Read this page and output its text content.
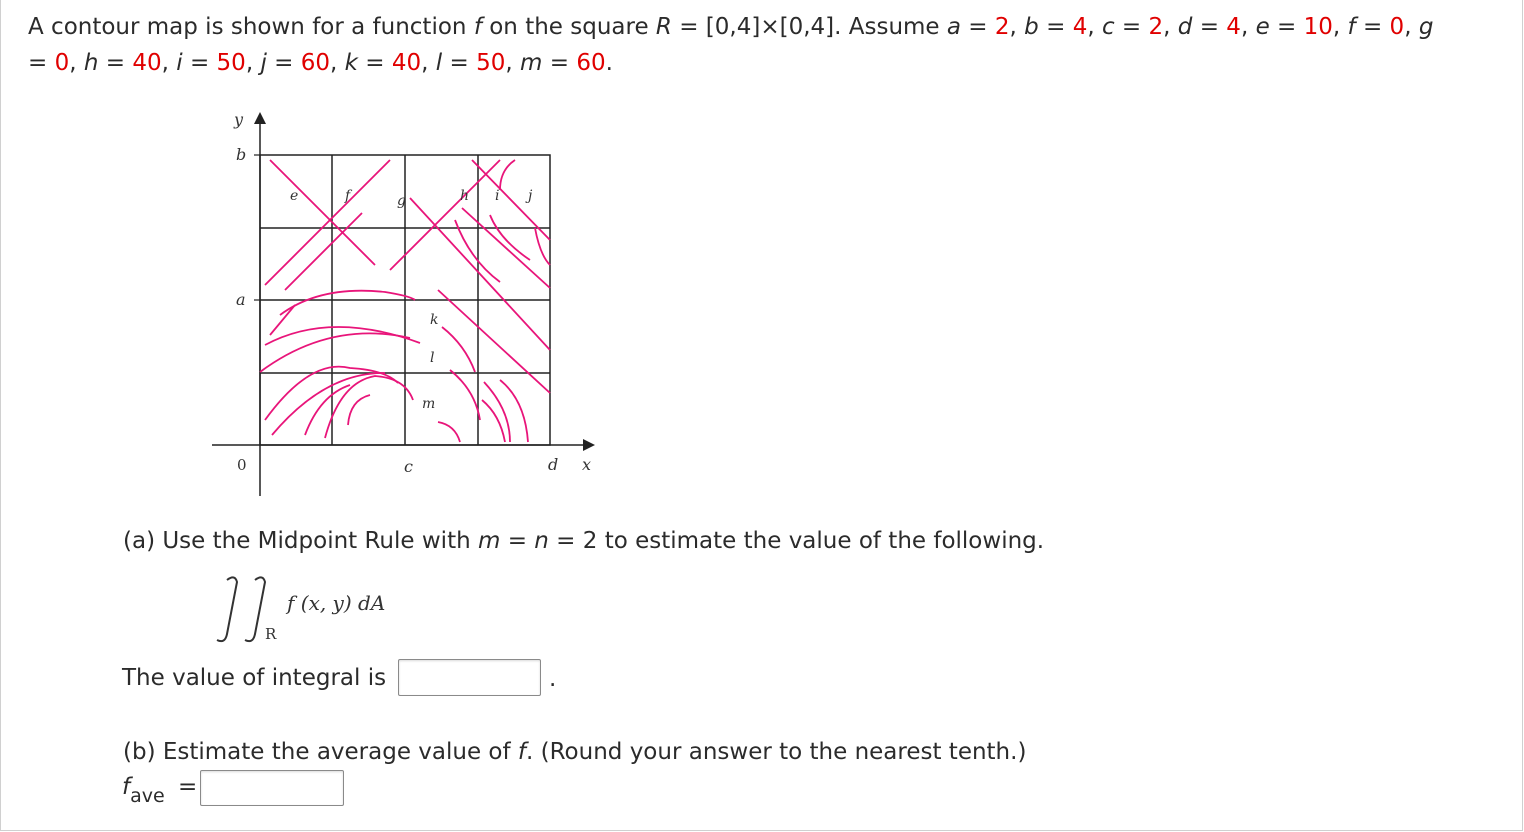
A contour map is shown for a function f on the square R = [0,4]×[0,4]. Assume a = 2, b = 4, c = 2, d = 4, e = 10, f = 0, g
= 0, h = 40, i = 50, j = 60, k = 40, l = 50, m = 60.
y
b
a
0	c	d x
e	f	g	h i j
k
l
m
(a) Use the Midpoint Rule with m = n = 2 to estimate the value of the following.
R
f (x, y) dA
The value of integral is	.
(b) Estimate the average value of f. (Round your answer to the nearest tenth.)
$f_{ave}$ =
